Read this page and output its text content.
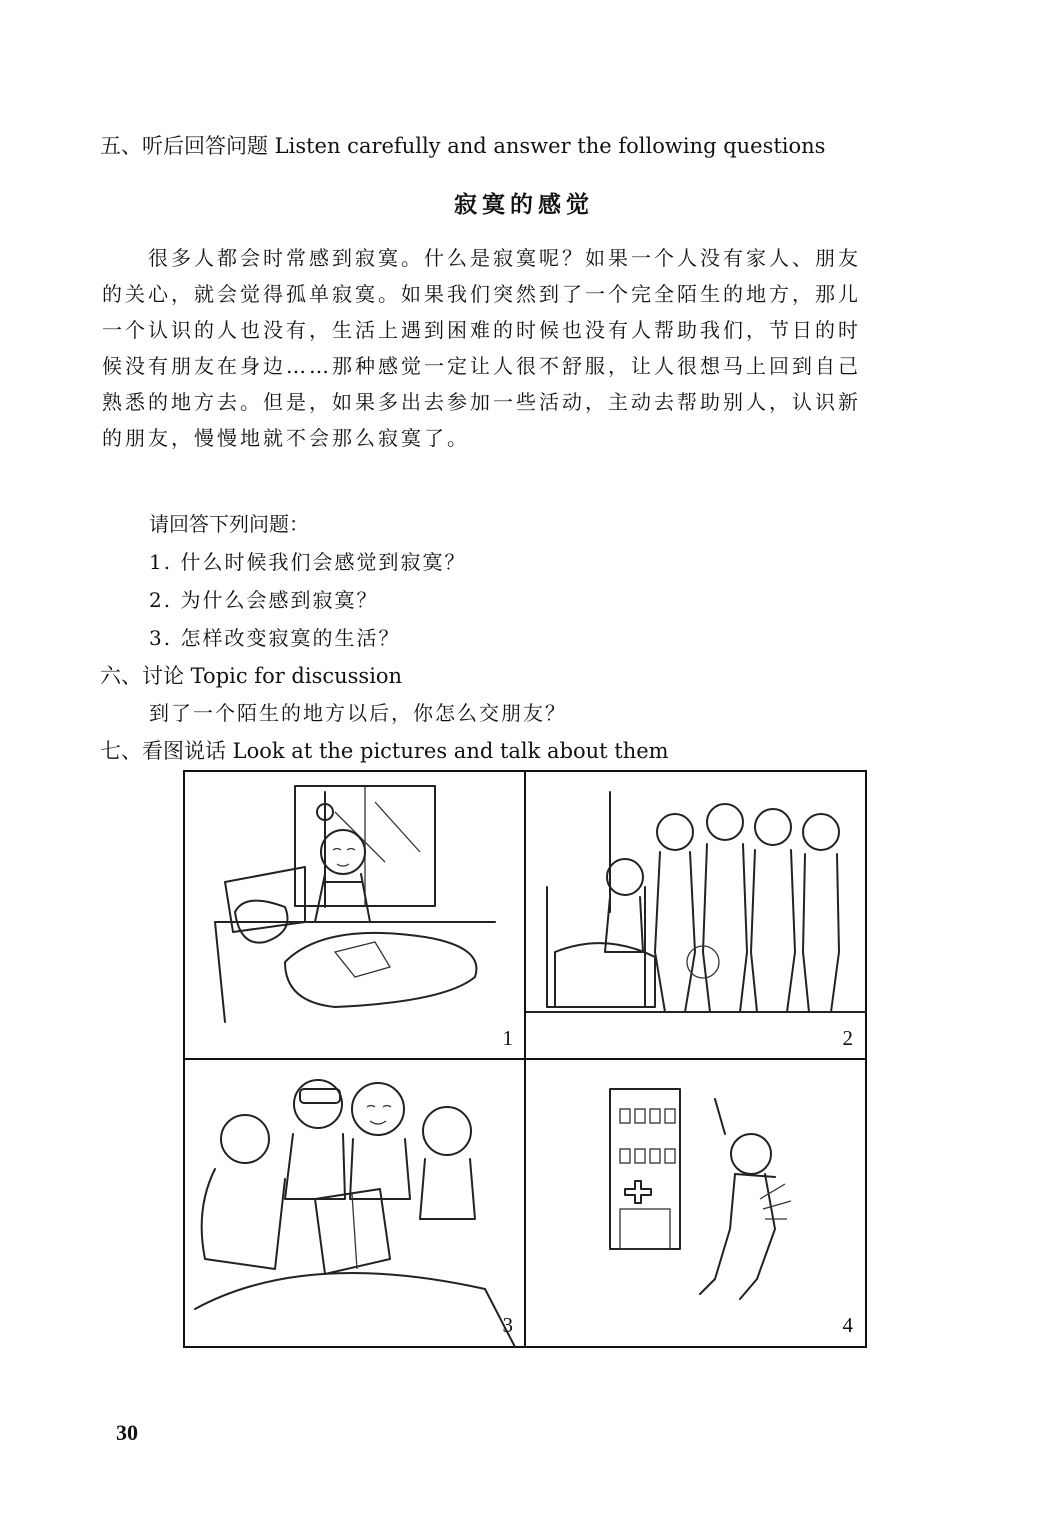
五、听后回答问题 Listen carefully and answer the following questions
寂寞的感觉
很多人都会时常感到寂寞。什么是寂寞呢？如果一个人没有家人、朋友
的关心，就会觉得孤单寂寞。如果我们突然到了一个完全陌生的地方，那儿
一个认识的人也没有，生活上遇到困难的时候也没有人帮助我们，节日的时
候没有朋友在身边……那种感觉一定让人很不舒服，让人很想马上回到自己
熟悉的地方去。但是，如果多出去参加一些活动，主动去帮助别人，认识新
的朋友，慢慢地就不会那么寂寞了。
请回答下列问题：
1. 什么时候我们会感觉到寂寞？
2. 为什么会感到寂寞？
3. 怎样改变寂寞的生活？
六、讨论 Topic for discussion
到了一个陌生的地方以后，你怎么交朋友？
七、看图说话 Look at the pictures and talk about them
1	2
3	4
30
